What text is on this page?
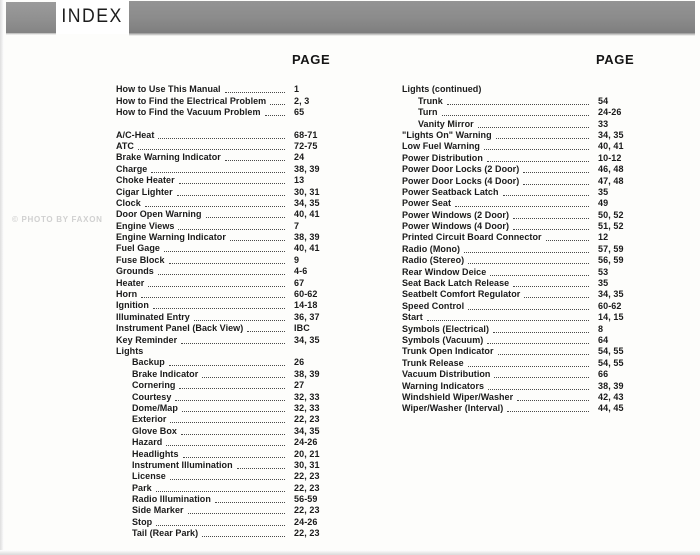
INDEX
PAGE
How to Use This Manual	1
How to Find the Electrical Problem	2, 3
How to Find the Vacuum Problem	65
A/C-Heat	68-71
ATC	72-75
Brake Warning Indicator	24
Charge	38, 39
Choke Heater	13
Cigar Lighter	30, 31
Clock	34, 35
Door Open Warning	40, 41
Engine Views	7
Engine Warning Indicator	38, 39
Fuel Gage	40, 41
Fuse Block	9
Grounds	4-6
Heater	67
Horn	60-62
Ignition	14-18
Illuminated Entry	36, 37
Instrument Panel (Back View)	IBC
Key Reminder	34, 35
Lights
Backup	26
Brake Indicator	38, 39
Cornering	27
Courtesy	32, 33
Dome/Map	32, 33
Exterior	22, 23
Glove Box	34, 35
Hazard	24-26
Headlights	20, 21
Instrument Illumination	30, 31
License	22, 23
Park	22, 23
Radio Illumination	56-59
Side Marker	22, 23
Stop	24-26
Tail (Rear Park)	22, 23
PAGE
Lights (continued)
Trunk	54
Turn	24-26
Vanity Mirror	33
"Lights On" Warning	34, 35
Low Fuel Warning	40, 41
Power Distribution	10-12
Power Door Locks (2 Door)	46, 48
Power Door Locks (4 Door)	47, 48
Power Seatback Latch	35
Power Seat	49
Power Windows (2 Door)	50, 52
Power Windows (4 Door)	51, 52
Printed Circuit Board Connector	12
Radio (Mono)	57, 59
Radio (Stereo)	56, 59
Rear Window Deice	53
Seat Back Latch Release	35
Seatbelt Comfort Regulator	34, 35
Speed Control	60-62
Start	14, 15
Symbols (Electrical)	8
Symbols (Vacuum)	64
Trunk Open Indicator	54, 55
Trunk Release	54, 55
Vacuum Distribution	66
Warning Indicators	38, 39
Windshield Wiper/Washer	42, 43
Wiper/Washer (Interval)	44, 45
© PHOTO BY FAXON
